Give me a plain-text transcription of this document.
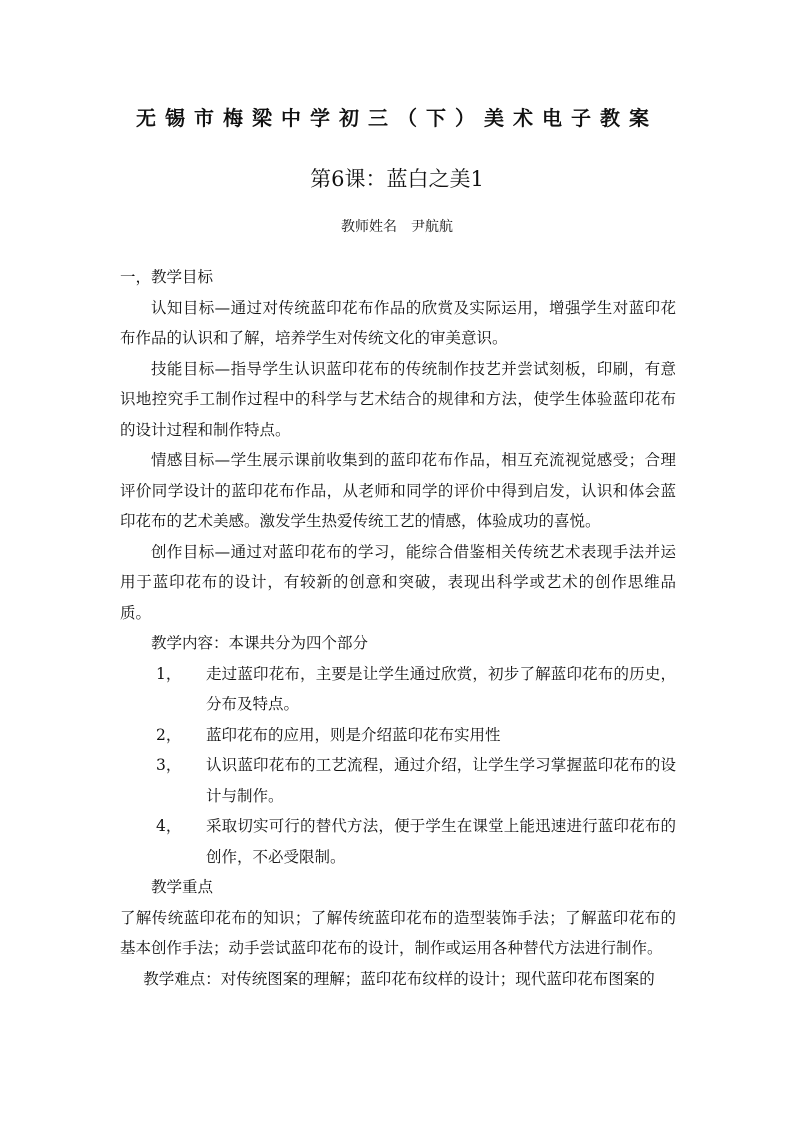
无锡市梅梁中学初三（下）美术电子教案
第6课：蓝白之美1
教师姓名 尹航航

一，教学目标

认知目标—通过对传统蓝印花布作品的欣赏及实际运用，增强学生对蓝印花布作品的认识和了解，培养学生对传统文化的审美意识。

技能目标—指导学生认识蓝印花布的传统制作技艺并尝试刻板，印刷，有意识地控究手工制作过程中的科学与艺术结合的规律和方法，使学生体验蓝印花布的设计过程和制作特点。

情感目标—学生展示课前收集到的蓝印花布作品，相互充流视觉感受；合理评价同学设计的蓝印花布作品，从老师和同学的评价中得到启发，认识和体会蓝印花布的艺术美感。激发学生热爱传统工艺的情感，体验成功的喜悦。

创作目标—通过对蓝印花布的学习，能综合借鉴相关传统艺术表现手法并运用于蓝印花布的设计，有较新的创意和突破，表现出科学或艺术的创作思维品质。

教学内容：本课共分为四个部分

1， 走过蓝印花布，主要是让学生通过欣赏，初步了解蓝印花布的历史，分布及特点。
2， 蓝印花布的应用，则是介绍蓝印花布实用性
3， 认识蓝印花布的工艺流程，通过介绍，让学生学习掌握蓝印花布的设计与制作。
4， 采取切实可行的替代方法，便于学生在课堂上能迅速进行蓝印花布的创作，不必受限制。

教学重点

了解传统蓝印花布的知识；了解传统蓝印花布的造型装饰手法；了解蓝印花布的基本创作手法；动手尝试蓝印花布的设计，制作或运用各种替代方法进行制作。

教学难点：对传统图案的理解；蓝印花布纹样的设计；现代蓝印花布图案的
